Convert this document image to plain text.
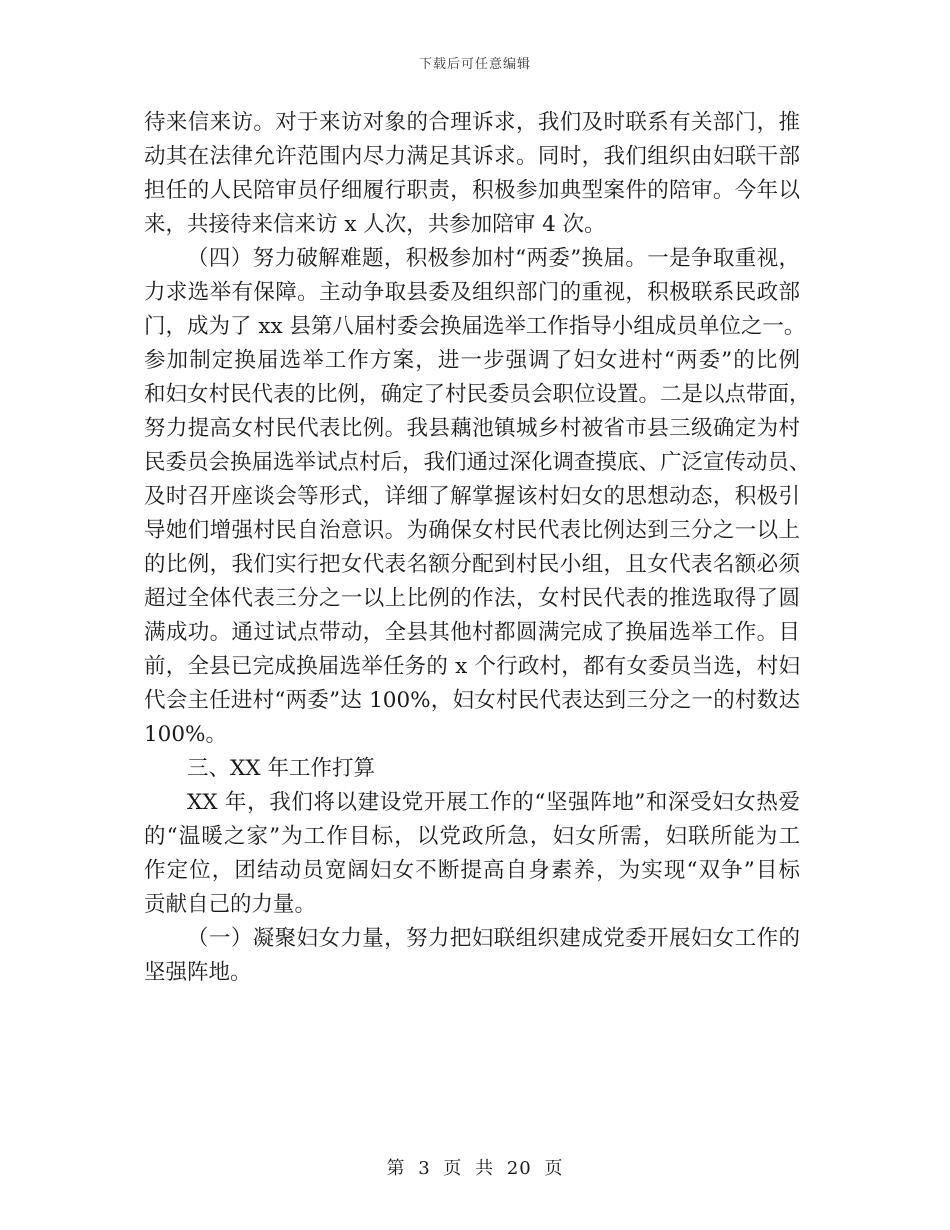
下载后可任意编辑
待来信来访。对于来访对象的合理诉求，我们及时联系有关部门，推
动其在法律允许范围内尽力满足其诉求。同时，我们组织由妇联干部
担任的人民陪审员仔细履行职责，积极参加典型案件的陪审。今年以
来，共接待来信来访 x 人次，共参加陪审 4 次。
（四）努力破解难题，积极参加村“两委”换届。一是争取重视，
力求选举有保障。主动争取县委及组织部门的重视，积极联系民政部
门，成为了 xx 县第八届村委会换届选举工作指导小组成员单位之一。
参加制定换届选举工作方案，进一步强调了妇女进村“两委”的比例
和妇女村民代表的比例，确定了村民委员会职位设置。二是以点带面，
努力提高女村民代表比例。我县藕池镇城乡村被省市县三级确定为村
民委员会换届选举试点村后，我们通过深化调查摸底、广泛宣传动员、
及时召开座谈会等形式，详细了解掌握该村妇女的思想动态，积极引
导她们增强村民自治意识。为确保女村民代表比例达到三分之一以上
的比例，我们实行把女代表名额分配到村民小组，且女代表名额必须
超过全体代表三分之一以上比例的作法，女村民代表的推选取得了圆
满成功。通过试点带动，全县其他村都圆满完成了换届选举工作。目
前，全县已完成换届选举任务的 x 个行政村，都有女委员当选，村妇
代会主任进村“两委”达 100%，妇女村民代表达到三分之一的村数达
100%。
三、XX 年工作打算
XX 年，我们将以建设党开展工作的“坚强阵地”和深受妇女热爱
的“温暖之家”为工作目标，以党政所急，妇女所需，妇联所能为工
作定位，团结动员宽阔妇女不断提高自身素养，为实现“双争”目标
贡献自己的力量。
（一）凝聚妇女力量，努力把妇联组织建成党委开展妇女工作的
坚强阵地。
第 3 页 共 20 页
